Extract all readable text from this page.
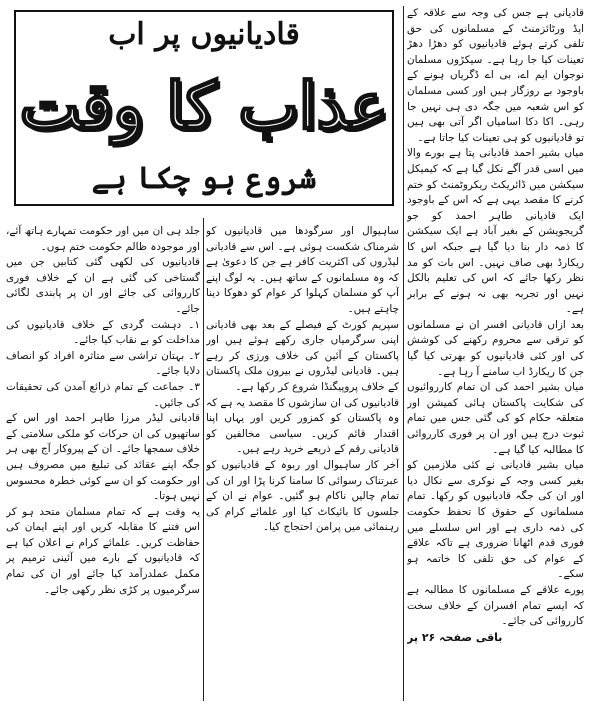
قادیانی ہے جس کی وجہ سے علاقہ کے ایڈ ورٹائزمنٹ کے مسلمانوں کی حق تلفی کرتے ہوئے قادیانیوں کو دھڑا دھڑ تعینات کیا جا رہا ہے۔ سیکڑوں مسلمان نوجوان ایم اے، بی اے ڈگریاں ہونے کے باوجود بے روزگار ہیں اور کسی مسلمان کو اس شعبہ میں جگہ دی ہی نہیں جا رہی۔ اکا دکا اسامیاں اگر آتی بھی ہیں تو قادیانیوں کو ہی تعینات کیا جاتا ہے۔

میاں بشیر احمد قادیانی پتا ہے بورے والا میں اسی قدر آگے نکل گیا ہے کہ کیمیکل سیکشن میں ڈائریکٹ ریکروٹمنٹ کو ختم کرنے کا مقصد یہی ہے کہ اس کے باوجود ایک قادیانی طاہر احمد کو جو گریجویشن کے بغیر آباد ہے ایک سیکشن کا ذمہ دار بنا دیا گیا ہے جبکہ اس کا ریکارڈ بھی صاف نہیں۔ اس بات کو مد نظر رکھا جائے کہ اس کی تعلیم بالکل نہیں اور تجربہ بھی نہ ہونے کے برابر ہے۔

بعد ازاں قادیانی افسر ان نے مسلمانوں کو ترقی سے محروم رکھنے کی کوشش کی اور کئی قادیانیوں کو بھرتی کیا گیا جن کا ریکارڈ اب سامنے آ رہا ہے۔

میاں بشیر احمد کی ان تمام کارروائیوں کی شکایت پاکستان ہائی کمیشن اور متعلقہ حکام کو کی گئی جس میں تمام ثبوت درج ہیں اور ان پر فوری کارروائی کا مطالبہ کیا گیا ہے۔

میاں بشیر قادیانی نے کئی ملازمین کو بغیر کسی وجہ کے نوکری سے نکال دیا اور ان کی جگہ قادیانیوں کو رکھا۔ تمام مسلمانوں کے حقوق کا تحفظ حکومت کی ذمہ داری ہے اور اس سلسلے میں فوری قدم اٹھانا ضروری ہے تاکہ علاقے کے عوام کی حق تلفی کا خاتمہ ہو سکے۔

پورے علاقے کے مسلمانوں کا مطالبہ ہے کہ ایسے تمام افسران کے خلاف سخت کارروائی کی جائے۔

باقی صفحہ ۲۶ پر

قادیانیوں پر اب
عذاب کا وقت
شروع ہو چکا ہے

ساہیوال اور سرگودھا میں قادیانیوں کو شرمناک شکست ہوئی ہے۔ اس سے قادیانی لیڈروں کی اکثریت کافر ہے جن کا دعویٰ ہے کہ وہ مسلمانوں کے ساتھ ہیں۔ یہ لوگ اپنے آپ کو مسلمان کہلوا کر عوام کو دھوکا دینا چاہتے ہیں۔

سپریم کورٹ کے فیصلے کے بعد بھی قادیانی اپنی سرگرمیاں جاری رکھے ہوئے ہیں اور پاکستان کے آئین کی خلاف ورزی کر رہے ہیں۔ قادیانی لیڈروں نے بیرون ملک پاکستان کے خلاف پروپیگنڈا شروع کر رکھا ہے۔

قادیانیوں کی ان سازشوں کا مقصد یہ ہے کہ وہ پاکستان کو کمزور کریں اور یہاں اپنا اقتدار قائم کریں۔ سیاسی مخالفین کو قادیانی رقم کے ذریعے خرید رہے ہیں۔

آخر کار ساہیوال اور ربوہ کے قادیانیوں کو عبرتناک رسوائی کا سامنا کرنا پڑا اور ان کی تمام چالیں ناکام ہو گئیں۔ عوام نے ان کے جلسوں کا بائیکاٹ کیا اور علمائے کرام کی رہنمائی میں پرامن احتجاج کیا۔

جلد ہی ان میں اور حکومت تمہارے ہاتھ آئے، اور موجودہ ظالم حکومت ختم ہوں۔

قادیانیوں کی لکھی گئی کتابیں جن میں گستاخی کی گئی ہے ان کے خلاف فوری کارروائی کی جائے اور ان پر پابندی لگائی جائے۔

۱۔ دہشت گردی کے خلاف قادیانیوں کی مداخلت کو بے نقاب کیا جائے۔

۲۔ بہتان تراشی سے متاثرہ افراد کو انصاف دلایا جائے۔

۳۔ جماعت کے تمام ذرائع آمدن کی تحقیقات کی جائیں۔

قادیانی لیڈر مرزا طاہر احمد اور اس کے ساتھیوں کی ان حرکات کو ملکی سلامتی کے خلاف سمجھا جائے۔ ان کے پیروکار آج بھی ہر جگہ اپنے عقائد کی تبلیغ میں مصروف ہیں اور حکومت کو ان سے کوئی خطرہ محسوس نہیں ہوتا۔

یہ وقت ہے کہ تمام مسلمان متحد ہو کر اس فتنے کا مقابلہ کریں اور اپنے ایمان کی حفاظت کریں۔ علمائے کرام نے اعلان کیا ہے کہ قادیانیوں کے بارے میں آئینی ترمیم پر مکمل عملدرآمد کیا جائے اور ان کی تمام سرگرمیوں پر کڑی نظر رکھی جائے۔
